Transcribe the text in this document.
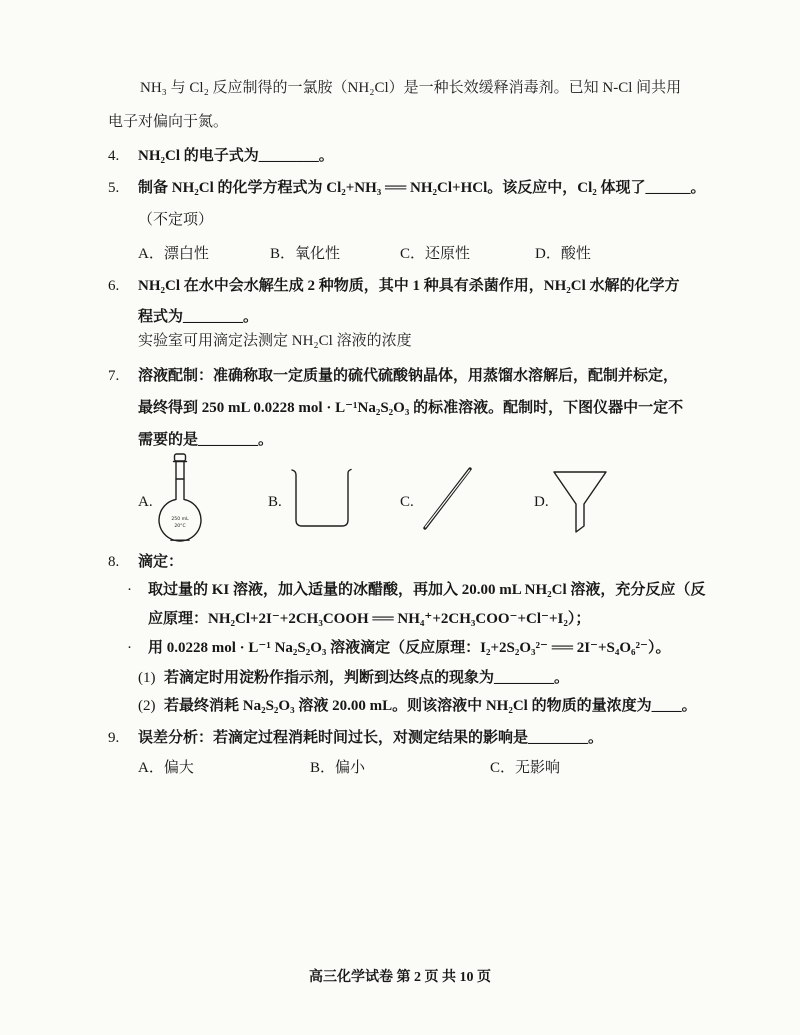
NH₃ 与 Cl₂ 反应制得的一氯胺（NH₂Cl）是一种长效缓释消毒剂。已知 N-Cl 间共用
电子对偏向于氮。
4. NH₂Cl 的电子式为________。
5. 制备 NH₂Cl 的化学方程式为 Cl₂+NH₃ ══ NH₂Cl+HCl。该反应中，Cl₂ 体现了______。
（不定项）
A．漂白性	B．氧化性	C．还原性	D．酸性
6. NH₂Cl 在水中会水解生成 2 种物质，其中 1 种具有杀菌作用，NH₂Cl 水解的化学方
程式为________。
实验室可用滴定法测定 NH₂Cl 溶液的浓度
7. 溶液配制：准确称取一定质量的硫代硫酸钠晶体，用蒸馏水溶解后，配制并标定，
最终得到 250 mL 0.0228 mol · L⁻¹Na₂S₂O₃ 的标准溶液。配制时，下图仪器中一定不
需要的是________。
A.	B.	C.	D.
250 mL
20°C
8. 滴定：
· 取过量的 KI 溶液，加入适量的冰醋酸，再加入 20.00 mL NH₂Cl 溶液，充分反应（反
应原理：NH₂Cl+2I⁻+2CH₃COOH ══ NH₄⁺+2CH₃COO⁻+Cl⁻+I₂）；
· 用 0.0228 mol · L⁻¹ Na₂S₂O₃ 溶液滴定（反应原理：I₂+2S₂O₃²⁻ ══ 2I⁻+S₄O₆²⁻）。
(1) 若滴定时用淀粉作指示剂，判断到达终点的现象为________。
(2) 若最终消耗 Na₂S₂O₃ 溶液 20.00 mL。则该溶液中 NH₂Cl 的物质的量浓度为____。
9. 误差分析：若滴定过程消耗时间过长，对测定结果的影响是________。
A．偏大	B．偏小	C．无影响
高三化学试卷 第 2 页 共 10 页
